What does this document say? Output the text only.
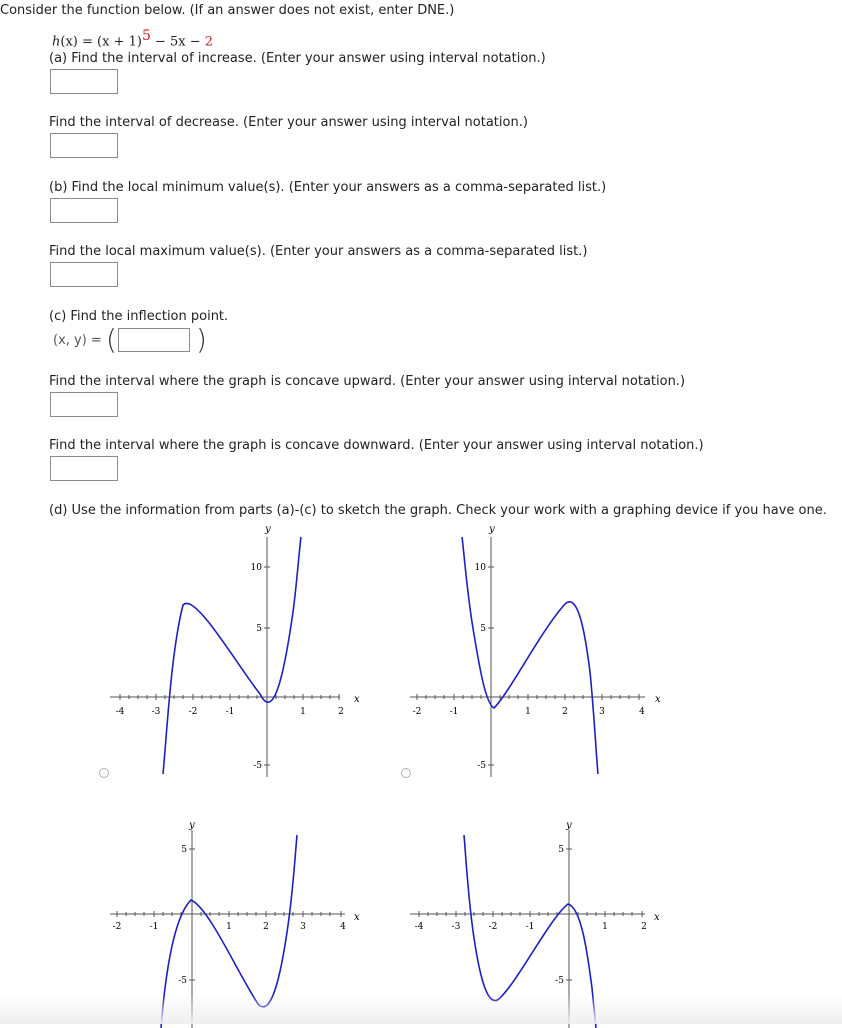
Consider the function below. (If an answer does not exist, enter DNE.)
$h(x) = (x + 1)^5 - 5x - 2$
(a) Find the interval of increase. (Enter your answer using interval notation.)
Find the interval of decrease. (Enter your answer using interval notation.)
(b) Find the local minimum value(s). (Enter your answers as a comma-separated list.)
Find the local maximum value(s). (Enter your answers as a comma-separated list.)
(c) Find the inflection point.
(x, y) = (	)
Find the interval where the graph is concave upward. (Enter your answer using interval notation.)
Find the interval where the graph is concave downward. (Enter your answer using interval notation.)
(d) Use the information from parts (a)-(c) to sketch the graph. Check your work with a graphing device if you have one.
-4	-3	-2	-1	1	2
10
5
-5
x
y
-2	-1	1	2	3	4
10
5
-5
x
y
-2	-1	1	2	3	4
5
-5
x
y
-4	-3	-2	-1	1	2
5
-5
x
y
